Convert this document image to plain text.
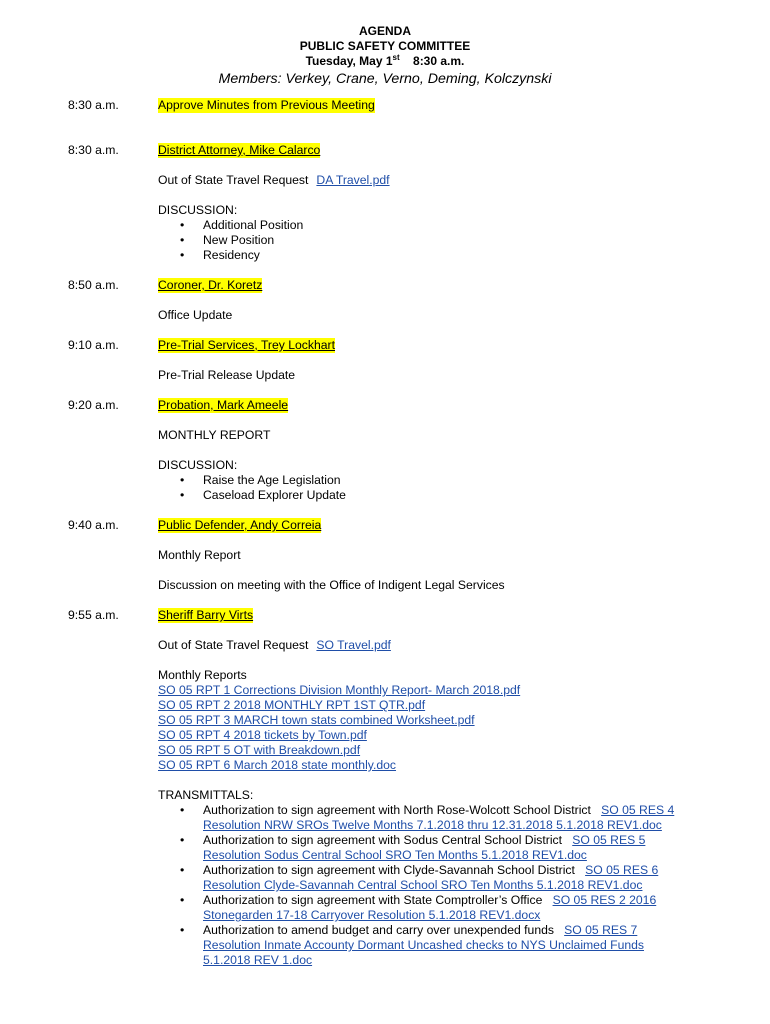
AGENDA
PUBLIC SAFETY COMMITTEE
Tuesday, May 1st 8:30 a.m.
Members: Verkey, Crane, Verno, Deming, Kolczynski
8:30 a.m.	Approve Minutes from Previous Meeting
8:30 a.m.	District Attorney, Mike Calarco
Out of State Travel Request DA Travel.pdf
DISCUSSION:
• Additional Position
• New Position
• Residency
8:50 a.m.	Coroner, Dr. Koretz
Office Update
9:10 a.m.	Pre-Trial Services, Trey Lockhart
Pre-Trial Release Update
9:20 a.m.	Probation, Mark Ameele
MONTHLY REPORT
DISCUSSION:
• Raise the Age Legislation
• Caseload Explorer Update
9:40 a.m.	Public Defender, Andy Correia
Monthly Report
Discussion on meeting with the Office of Indigent Legal Services
9:55 a.m.	Sheriff Barry Virts
Out of State Travel Request SO Travel.pdf
Monthly Reports
SO 05 RPT 1 Corrections Division Monthly Report- March 2018.pdf
SO 05 RPT 2 2018 MONTHLY RPT 1ST QTR.pdf
SO 05 RPT 3 MARCH town stats combined Worksheet.pdf
SO 05 RPT 4 2018 tickets by Town.pdf
SO 05 RPT 5 OT with Breakdown.pdf
SO 05 RPT 6 March 2018 state monthly.doc
TRANSMITTALS:
• Authorization to sign agreement with North Rose-Wolcott School District SO 05 RES 4
Resolution NRW SROs Twelve Months 7.1.2018 thru 12.31.2018 5.1.2018 REV1.doc
• Authorization to sign agreement with Sodus Central School District SO 05 RES 5
Resolution Sodus Central School SRO Ten Months 5.1.2018 REV1.doc
• Authorization to sign agreement with Clyde-Savannah School District SO 05 RES 6
Resolution Clyde-Savannah Central School SRO Ten Months 5.1.2018 REV1.doc
• Authorization to sign agreement with State Comptroller’s Office SO 05 RES 2 2016
Stonegarden 17-18 Carryover Resolution 5.1.2018 REV1.docx
• Authorization to amend budget and carry over unexpended funds SO 05 RES 7
Resolution Inmate Accounty Dormant Uncashed checks to NYS Unclaimed Funds
5.1.2018 REV 1.doc
